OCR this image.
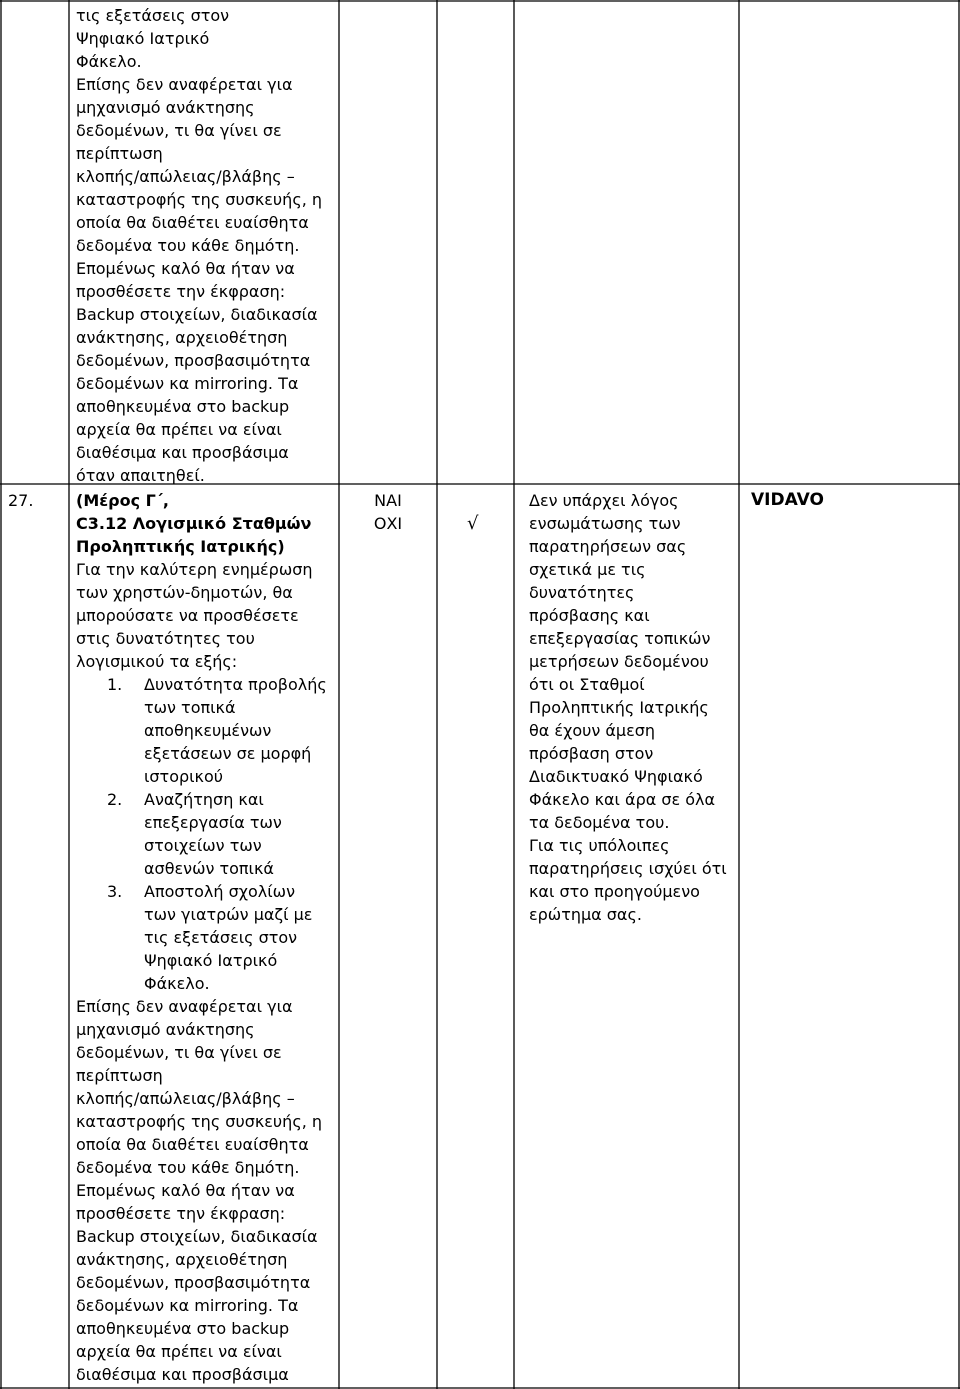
τις εξετάσεις στον
Ψηφιακό Ιατρικό
Φάκελο.
Επίσης δεν αναφέρεται για
μηχανισμό ανάκτησης
δεδομένων, τι θα γίνει σε
περίπτωση
κλοπής/απώλειας/βλάβης –
καταστροφής της συσκευής, η
οποία θα διαθέτει ευαίσθητα
δεδομένα του κάθε δημότη.
Επομένως καλό θα ήταν να
προσθέσετε την έκφραση:
Backup στοιχείων, διαδικασία
ανάκτησης, αρχειοθέτηση
δεδομένων, προσβασιμότητα
δεδομένων κα mirroring. Τα
αποθηκευμένα στο backup
αρχεία θα πρέπει να είναι
διαθέσιμα και προσβάσιμα
όταν απαιτηθεί.
27.	(Μέρος Γ΄,
C3.12 Λογισμικό Σταθμών
Προληπτικής Ιατρικής)
Για την καλύτερη ενημέρωση
των χρηστών-δημοτών, θα
μπορούσατε να προσθέσετε
στις δυνατότητες του
λογισμικού τα εξής:
1. Δυνατότητα προβολής
των τοπικά
αποθηκευμένων
εξετάσεων σε μορφή
ιστορικού
2. Αναζήτηση και
επεξεργασία των
στοιχείων των
ασθενών τοπικά
3. Αποστολή σχολίων
των γιατρών μαζί με
τις εξετάσεις στον
Ψηφιακό Ιατρικό
Φάκελο.
Επίσης δεν αναφέρεται για
μηχανισμό ανάκτησης
δεδομένων, τι θα γίνει σε
περίπτωση
κλοπής/απώλειας/βλάβης –
καταστροφής της συσκευής, η
οποία θα διαθέτει ευαίσθητα
δεδομένα του κάθε δημότη.
Επομένως καλό θα ήταν να
προσθέσετε την έκφραση:
Backup στοιχείων, διαδικασία
ανάκτησης, αρχειοθέτηση
δεδομένων, προσβασιμότητα
δεδομένων κα mirroring. Τα
αποθηκευμένα στο backup
αρχεία θα πρέπει να είναι
διαθέσιμα και προσβάσιμα
ΝΑΙ
ΟΧΙ	√
Δεν υπάρχει λόγος
ενσωμάτωσης των
παρατηρήσεων σας
σχετικά με τις
δυνατότητες
πρόσβασης και
επεξεργασίας τοπικών
μετρήσεων δεδομένου
ότι οι Σταθμοί
Προληπτικής Ιατρικής
θα έχουν άμεση
πρόσβαση στον
Διαδικτυακό Ψηφιακό
Φάκελο και άρα σε όλα
τα δεδομένα του.
Για τις υπόλοιπες
παρατηρήσεις ισχύει ότι
και στο προηγούμενο
ερώτημα σας.
VIDAVO
